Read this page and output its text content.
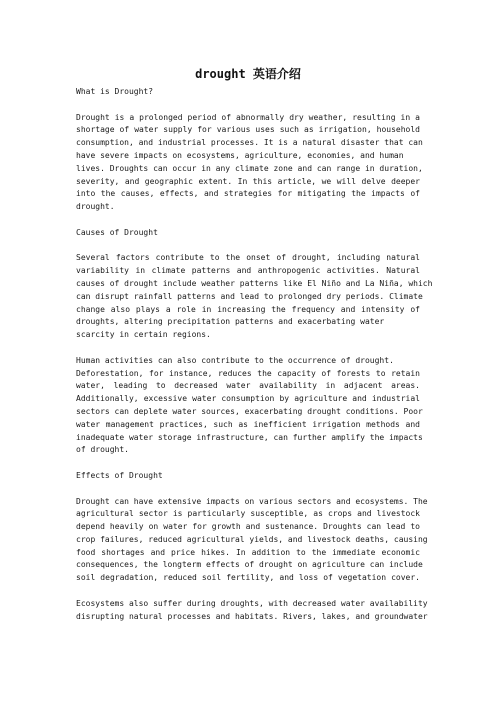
drought 英语介绍
What is Drought?
Drought is a prolonged period of abnormally dry weather, resulting in a
shortage of water supply for various uses such as irrigation, household
consumption, and industrial processes. It is a natural disaster that can
have severe impacts on ecosystems, agriculture, economies, and human
lives. Droughts can occur in any climate zone and can range in duration,
severity, and geographic extent. In this article, we will delve deeper
into the causes, effects, and strategies for mitigating the impacts of
drought.
Causes of Drought
Several factors contribute to the onset of drought, including natural
variability in climate patterns and anthropogenic activities. Natural
causes of drought include weather patterns like El Niño and La Niña, which
can disrupt rainfall patterns and lead to prolonged dry periods. Climate
change also plays a role in increasing the frequency and intensity of
droughts, altering precipitation patterns and exacerbating water
scarcity in certain regions.
Human activities can also contribute to the occurrence of drought.
Deforestation, for instance, reduces the capacity of forests to retain
water, leading to decreased water availability in adjacent areas.
Additionally, excessive water consumption by agriculture and industrial
sectors can deplete water sources, exacerbating drought conditions. Poor
water management practices, such as inefficient irrigation methods and
inadequate water storage infrastructure, can further amplify the impacts
of drought.
Effects of Drought
Drought can have extensive impacts on various sectors and ecosystems. The
agricultural sector is particularly susceptible, as crops and livestock
depend heavily on water for growth and sustenance. Droughts can lead to
crop failures, reduced agricultural yields, and livestock deaths, causing
food shortages and price hikes. In addition to the immediate economic
consequences, the longterm effects of drought on agriculture can include
soil degradation, reduced soil fertility, and loss of vegetation cover.
Ecosystems also suffer during droughts, with decreased water availability
disrupting natural processes and habitats. Rivers, lakes, and groundwater
